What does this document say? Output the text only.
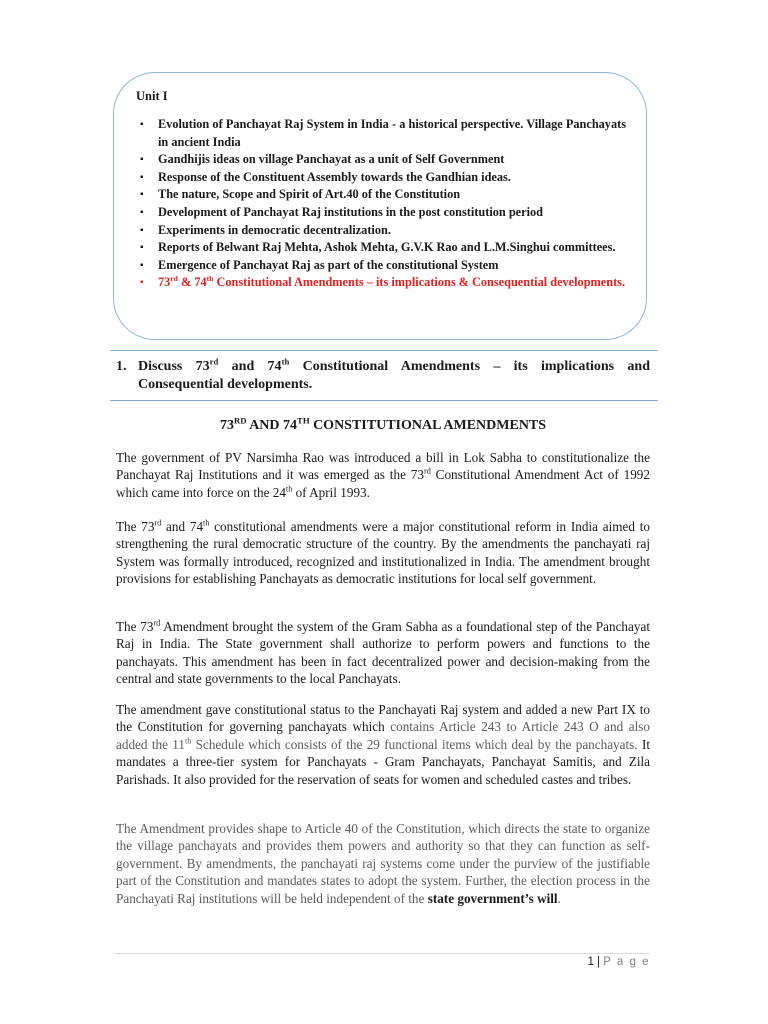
Unit I
▪ Evolution of Panchayat Raj System in India - a historical perspective. Village Panchayats in ancient India
▪ Gandhijis ideas on village Panchayat as a unit of Self Government
▪ Response of the Constituent Assembly towards the Gandhian ideas.
▪ The nature, Scope and Spirit of Art.40 of the Constitution
▪ Development of Panchayat Raj institutions in the post constitution period
▪ Experiments in democratic decentralization.
▪ Reports of Belwant Raj Mehta, Ashok Mehta, G.V.K Rao and L.M.Singhui committees.
▪ Emergence of Panchayat Raj as part of the constitutional System
▪ 73rd & 74th Constitutional Amendments – its implications & Consequential developments.
1. Discuss 73rd and 74th Constitutional Amendments – its implications and Consequential developments.
73RD AND 74TH CONSTITUTIONAL AMENDMENTS

The government of PV Narsimha Rao was introduced a bill in Lok Sabha to constitutionalize the Panchayat Raj Institutions and it was emerged as the 73rd Constitutional Amendment Act of 1992 which came into force on the 24th of April 1993.

The 73rd and 74th constitutional amendments were a major constitutional reform in India aimed to strengthening the rural democratic structure of the country. By the amendments the panchayati raj System was formally introduced, recognized and institutionalized in India. The amendment brought provisions for establishing Panchayats as democratic institutions for local self government.

The 73rd Amendment brought the system of the Gram Sabha as a foundational step of the Panchayat Raj in India. The State government shall authorize to perform powers and functions to the panchayats. This amendment has been in fact decentralized power and decision-making from the central and state governments to the local Panchayats.

The amendment gave constitutional status to the Panchayati Raj system and added a new Part IX to the Constitution for governing panchayats which contains Article 243 to Article 243 O and also added the 11th Schedule which consists of the 29 functional items which deal by the panchayats. It mandates a three-tier system for Panchayats - Gram Panchayats, Panchayat Samitis, and Zila Parishads. It also provided for the reservation of seats for women and scheduled castes and tribes.

The Amendment provides shape to Article 40 of the Constitution, which directs the state to organize the village panchayats and provides them powers and authority so that they can function as self-government. By amendments, the panchayati raj systems come under the purview of the justifiable part of the Constitution and mandates states to adopt the system. Further, the election process in the Panchayati Raj institutions will be held independent of the state government’s will.

1 | P a g e
